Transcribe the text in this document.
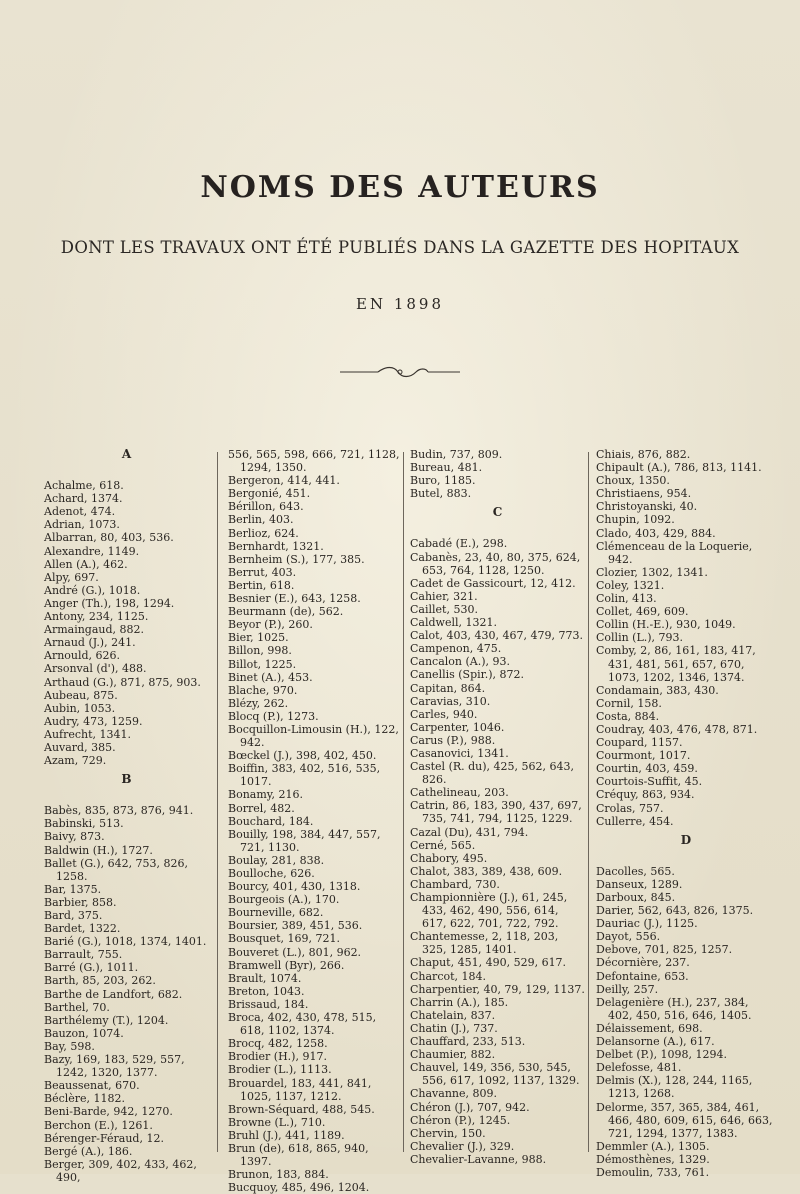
NOMS DES AUTEURS
DONT LES TRAVAUX ONT ÉTÉ PUBLIÉS DANS LA GAZETTE DES HOPITAUX
EN 1898
A
Achalme, 618.
Achard, 1374.
Adenot, 474.
Adrian, 1073.
Albarran, 80, 403, 536.
Alexandre, 1149.
Allen (A.), 462.
Alpy, 697.
André (G.), 1018.
Anger (Th.), 198, 1294.
Antony, 234, 1125.
Armaingaud, 882.
Arnaud (J.), 241.
Arnould, 626.
Arsonval (d'), 488.
Arthaud (G.), 871, 875, 903.
Aubeau, 875.
Aubin, 1053.
Audry, 473, 1259.
Aufrecht, 1341.
Auvard, 385.
Azam, 729.
B
Babès, 835, 873, 876, 941.
Babinski, 513.
Baivy, 873.
Baldwin (H.), 1727.
Ballet (G.), 642, 753, 826, 1258.
Bar, 1375.
Barbier, 858.
Bard, 375.
Bardet, 1322.
Barié (G.), 1018, 1374, 1401.
Barrault, 755.
Barré (G.), 1011.
Barth, 85, 203, 262.
Barthe de Landfort, 682.
Barthel, 70.
Barthélemy (T.), 1204.
Bauzon, 1074.
Bay, 598.
Bazy, 169, 183, 529, 557, 1242, 1320, 1377.
Beaussenat, 670.
Béclère, 1182.
Beni-Barde, 942, 1270.
Berchon (E.), 1261.
Bérenger-Féraud, 12.
Bergé (A.), 186.
Berger, 309, 402, 433, 462, 490,
556, 565, 598, 666, 721, 1128, 1294, 1350.
Bergeron, 414, 441.
Bergonié, 451.
Bérillon, 643.
Berlin, 403.
Berlioz, 624.
Bernhardt, 1321.
Bernheim (S.), 177, 385.
Berrut, 403.
Bertin, 618.
Besnier (E.), 643, 1258.
Beurmann (de), 562.
Beyor (P.), 260.
Bier, 1025.
Billon, 998.
Billot, 1225.
Binet (A.), 453.
Blache, 970.
Blézy, 262.
Blocq (P.), 1273.
Bocquillon-Limousin (H.), 122, 942.
Bœckel (J.), 398, 402, 450.
Boiffin, 383, 402, 516, 535, 1017.
Bonamy, 216.
Borrel, 482.
Bouchard, 184.
Bouilly, 198, 384, 447, 557, 721, 1130.
Boulay, 281, 838.
Boulloche, 626.
Bourcy, 401, 430, 1318.
Bourgeois (A.), 170.
Bourneville, 682.
Boursier, 389, 451, 536.
Bousquet, 169, 721.
Bouveret (L.), 801, 962.
Bramwell (Byr), 266.
Brault, 1074.
Breton, 1043.
Brissaud, 184.
Broca, 402, 430, 478, 515, 618, 1102, 1374.
Brocq, 482, 1258.
Brodier (H.), 917.
Brodier (L.), 1113.
Brouardel, 183, 441, 841, 1025, 1137, 1212.
Brown-Séquard, 488, 545.
Browne (L.), 710.
Bruhl (J.), 441, 1189.
Brun (de), 618, 865, 940, 1397.
Brunon, 183, 884.
Bucquoy, 485, 496, 1204.
Budin, 737, 809.
Bureau, 481.
Buro, 1185.
Butel, 883.
C
Cabadé (E.), 298.
Cabanès, 23, 40, 80, 375, 624, 653, 764, 1128, 1250.
Cadet de Gassicourt, 12, 412.
Cahier, 321.
Caillet, 530.
Caldwell, 1321.
Calot, 403, 430, 467, 479, 773.
Campenon, 475.
Cancalon (A.), 93.
Canellis (Spir.), 872.
Capitan, 864.
Caravias, 310.
Carles, 940.
Carpenter, 1046.
Carus (P.), 988.
Casanovici, 1341.
Castel (R. du), 425, 562, 643, 826.
Cathelineau, 203.
Catrin, 86, 183, 390, 437, 697, 735, 741, 794, 1125, 1229.
Cazal (Du), 431, 794.
Cerné, 565.
Chabory, 495.
Chalot, 383, 389, 438, 609.
Chambard, 730.
Championnière (J.), 61, 245, 433, 462, 490, 556, 614, 617, 622, 701, 722, 792.
Chantemesse, 2, 118, 203, 325, 1285, 1401.
Chaput, 451, 490, 529, 617.
Charcot, 184.
Charpentier, 40, 79, 129, 1137.
Charrin (A.), 185.
Chatelain, 837.
Chatin (J.), 737.
Chauffard, 233, 513.
Chaumier, 882.
Chauvel, 149, 356, 530, 545, 556, 617, 1092, 1137, 1329.
Chavanne, 809.
Chéron (J.), 707, 942.
Chéron (P.), 1245.
Chervin, 150.
Chevalier (J.), 329.
Chevalier-Lavanne, 988.
Chiais, 876, 882.
Chipault (A.), 786, 813, 1141.
Choux, 1350.
Christiaens, 954.
Christoyanski, 40.
Chupin, 1092.
Clado, 403, 429, 884.
Clémenceau de la Loquerie, 942.
Clozier, 1302, 1341.
Coley, 1321.
Colin, 413.
Collet, 469, 609.
Collin (H.-E.), 930, 1049.
Collin (L.), 793.
Comby, 2, 86, 161, 183, 417, 431, 481, 561, 657, 670, 1073, 1202, 1346, 1374.
Condamain, 383, 430.
Cornil, 158.
Costa, 884.
Coudray, 403, 476, 478, 871.
Coupard, 1157.
Courmont, 1017.
Courtin, 403, 459.
Courtois-Suffit, 45.
Créquy, 863, 934.
Crolas, 757.
Cullerre, 454.
D
Dacolles, 565.
Danseux, 1289.
Darboux, 845.
Darier, 562, 643, 826, 1375.
Dauriac (J.), 1125.
Dayot, 556.
Debove, 701, 825, 1257.
Décornière, 237.
Defontaine, 653.
Deilly, 257.
Delagenière (H.), 237, 384, 402, 450, 516, 646, 1405.
Délaissement, 698.
Delansorne (A.), 617.
Delbet (P.), 1098, 1294.
Delefosse, 481.
Delmis (X.), 128, 244, 1165, 1213, 1268.
Delorme, 357, 365, 384, 461, 466, 480, 609, 615, 646, 663, 721, 1294, 1377, 1383.
Demmler (A.), 1305.
Démosthènes, 1329.
Demoulin, 733, 761.
